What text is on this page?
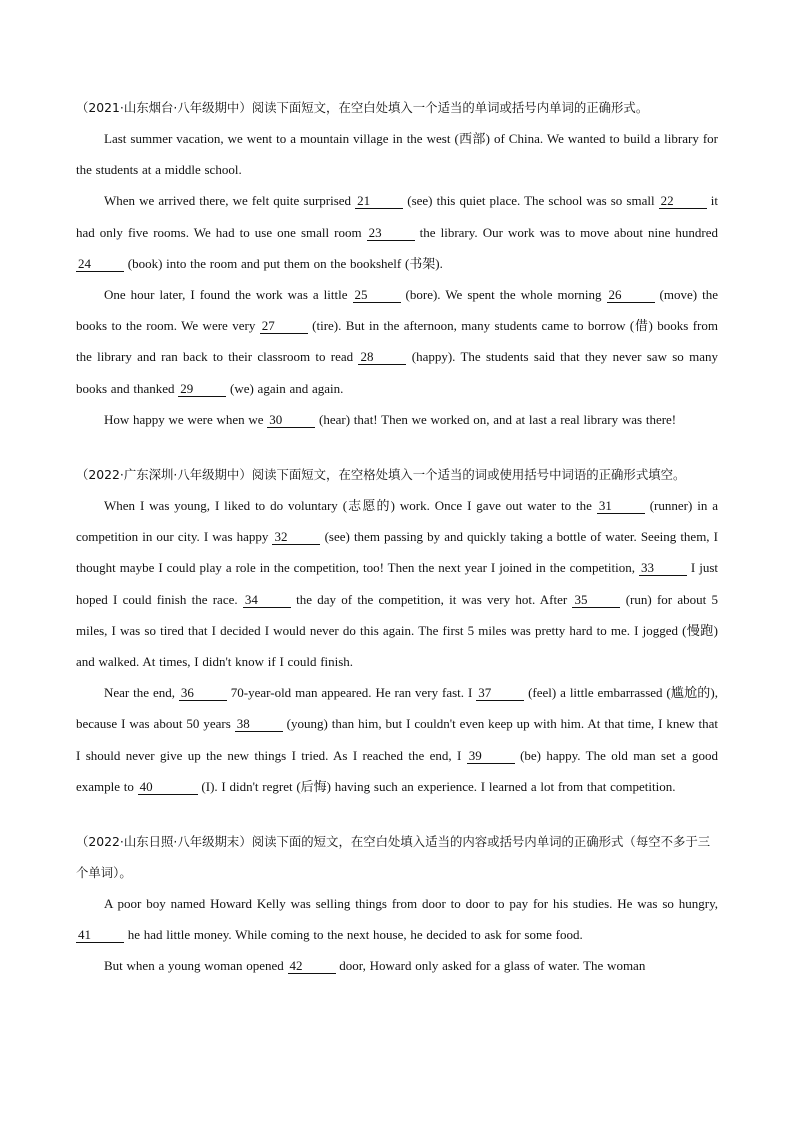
（2021·山东烟台·八年级期中）阅读下面短文，在空白处填入一个适当的单词或括号内单词的正确形式。

Last summer vacation, we went to a mountain village in the west (西部) of China. We wanted to build a library for the students at a middle school.

When we arrived there, we felt quite surprised 21	(see) this quiet place. The school was so small 22	it had only five rooms. We had to use one small room 23	the library. Our work was to move about nine hundred 24	(book) into the room and put them on the bookshelf (书架).

One hour later, I found the work was a little 25	(bore). We spent the whole morning 26	(move) the books to the room. We were very 27	(tire). But in the afternoon, many students came to borrow (借) books from the library and ran back to their classroom to read 28	(happy). The students said that they never saw so many books and thanked 29	(we) again and again.

How happy we were when we 30	(hear) that! Then we worked on, and at last a real library was there!

（2022·广东深圳·八年级期中）阅读下面短文，在空格处填入一个适当的词或使用括号中词语的正确形式填空。

When I was young, I liked to do voluntary (志愿的) work. Once I gave out water to the 31	(runner) in a competition in our city. I was happy 32	(see) them passing by and quickly taking a bottle of water. Seeing them, I thought maybe I could play a role in the competition, too! Then the next year I joined in the competition, 33	I just hoped I could finish the race. 34	the day of the competition, it was very hot. After 35	(run) for about 5 miles, I was so tired that I decided I would never do this again. The first 5 miles was pretty hard to me. I jogged (慢跑) and walked. At times, I didn't know if I could finish.

Near the end, 36	70-year-old man appeared. He ran very fast. I 37	(feel) a little embarrassed (尴尬的), because I was about 50 years 38	(young) than him, but I couldn't even keep up with him. At that time, I knew that I should never give up the new things I tried. As I reached the end, I 39	(be) happy. The old man set a good example to 40	(I). I didn't regret (后悔) having such an experience. I learned a lot from that competition.

（2022·山东日照·八年级期末）阅读下面的短文，在空白处填入适当的内容或括号内单词的正确形式（每空不多于三个单词）。

A poor boy named Howard Kelly was selling things from door to door to pay for his studies. He was so hungry, 41	he had little money. While coming to the next house, he decided to ask for some food.

But when a young woman opened 42	door, Howard only asked for a glass of water. The woman
